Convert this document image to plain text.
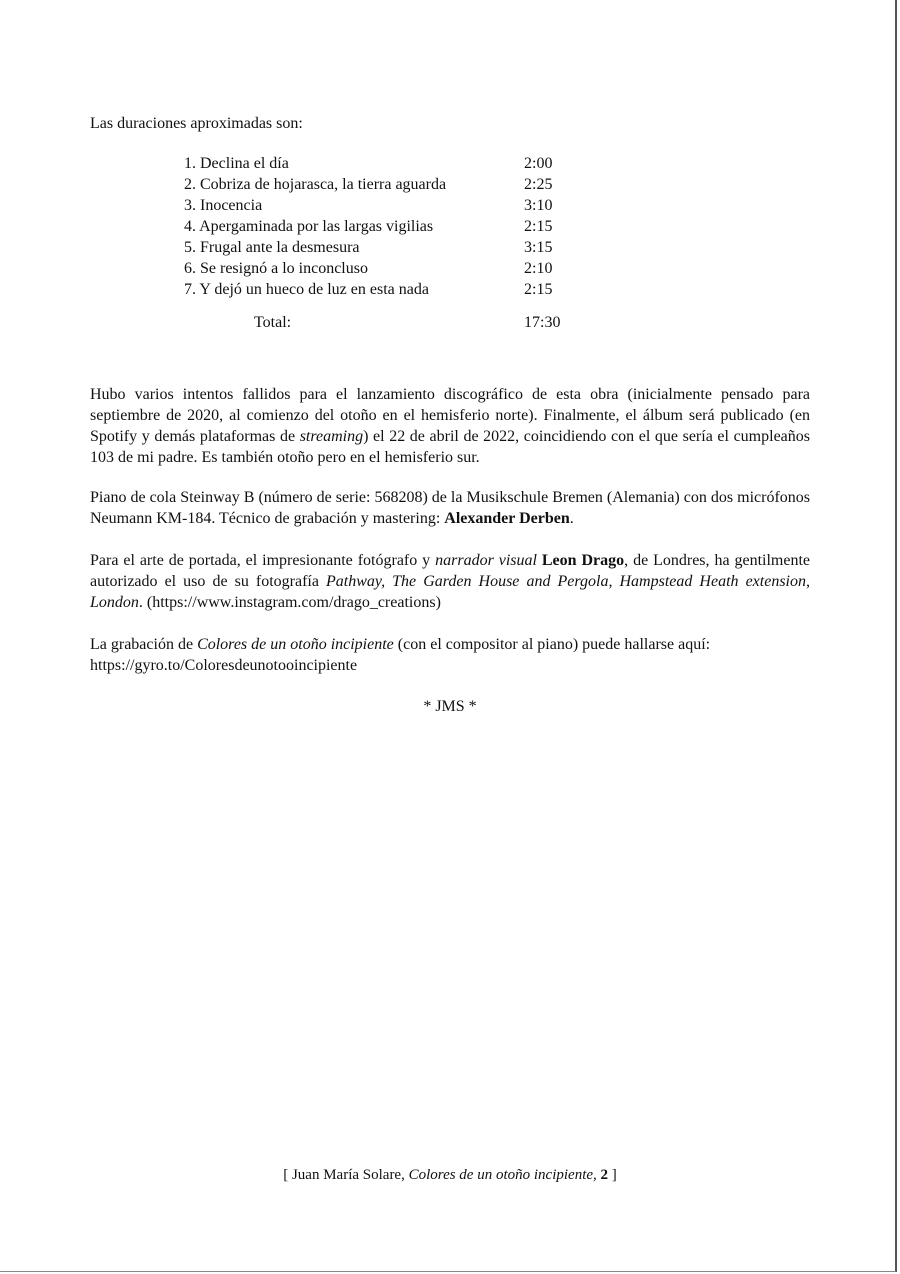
Las duraciones aproximadas son:

1. Declina el día	2:00
2. Cobriza de hojarasca, la tierra aguarda	2:25
3. Inocencia	3:10
4. Apergaminada por las largas vigilias	2:15
5. Frugal ante la desmesura	3:15
6. Se resignó a lo inconcluso	2:10
7. Y dejó un hueco de luz en esta nada	2:15
Total:	17:30

Hubo varios intentos fallidos para el lanzamiento discográfico de esta obra (inicialmente pensado para septiembre de 2020, al comienzo del otoño en el hemisferio norte). Finalmente, el álbum será publicado (en Spotify y demás plataformas de streaming) el 22 de abril de 2022, coincidiendo con el que sería el cumpleaños 103 de mi padre. Es también otoño pero en el hemisferio sur.

Piano de cola Steinway B (número de serie: 568208) de la Musikschule Bremen (Alemania) con dos micrófonos Neumann KM-184. Técnico de grabación y mastering: Alexander Derben.

Para el arte de portada, el impresionante fotógrafo y narrador visual Leon Drago, de Londres, ha gentilmente autorizado el uso de su fotografía Pathway, The Garden House and Pergola, Hampstead Heath extension, London. (https://www.instagram.com/drago_creations)

La grabación de Colores de un otoño incipiente (con el compositor al piano) puede hallarse aquí:
https://gyro.to/Coloresdeunotooincipiente

* JMS *
[ Juan María Solare, Colores de un otoño incipiente, 2 ]
